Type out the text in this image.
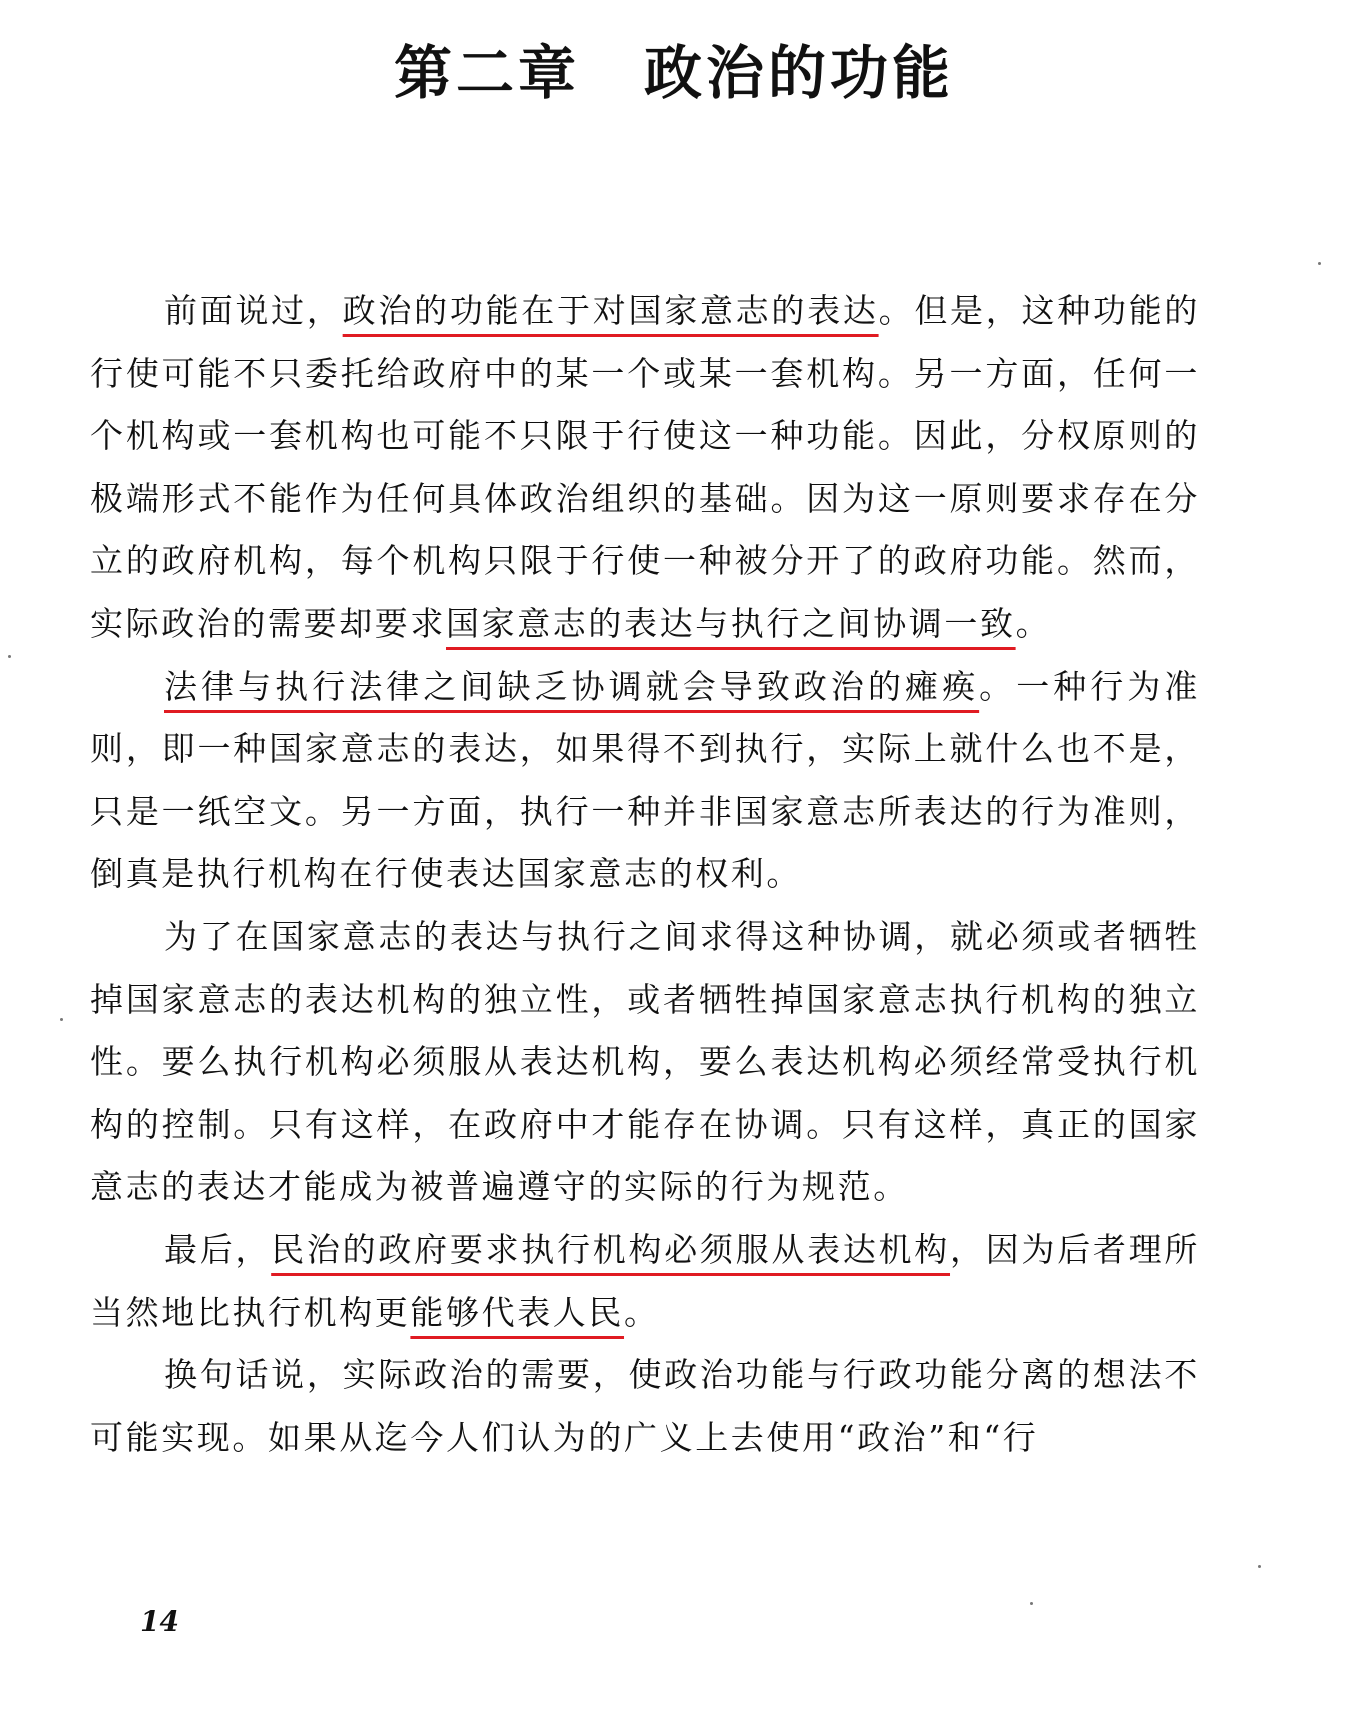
第二章 政治的功能

前面说过，政治的功能在于对国家意志的表达。但是，这种功能的行使可能不只委托给政府中的某一个或某一套机构。另一方面，任何一个机构或一套机构也可能不只限于行使这一种功能。因此，分权原则的极端形式不能作为任何具体政治组织的基础。因为这一原则要求存在分立的政府机构，每个机构只限于行使一种被分开了的政府功能。然而，实际政治的需要却要求国家意志的表达与执行之间协调一致。

法律与执行法律之间缺乏协调就会导致政治的瘫痪。一种行为准则，即一种国家意志的表达，如果得不到执行，实际上就什么也不是，只是一纸空文。另一方面，执行一种并非国家意志所表达的行为准则，倒真是执行机构在行使表达国家意志的权利。

为了在国家意志的表达与执行之间求得这种协调，就必须或者牺牲掉国家意志的表达机构的独立性，或者牺牲掉国家意志执行机构的独立性。要么执行机构必须服从表达机构，要么表达机构必须经常受执行机构的控制。只有这样，在政府中才能存在协调。只有这样，真正的国家意志的表达才能成为被普遍遵守的实际的行为规范。

最后，民治的政府要求执行机构必须服从表达机构，因为后者理所当然地比执行机构更能够代表人民。

换句话说，实际政治的需要，使政治功能与行政功能分离的想法不可能实现。如果从迄今人们认为的广义上去使用“政治”和“行

14
